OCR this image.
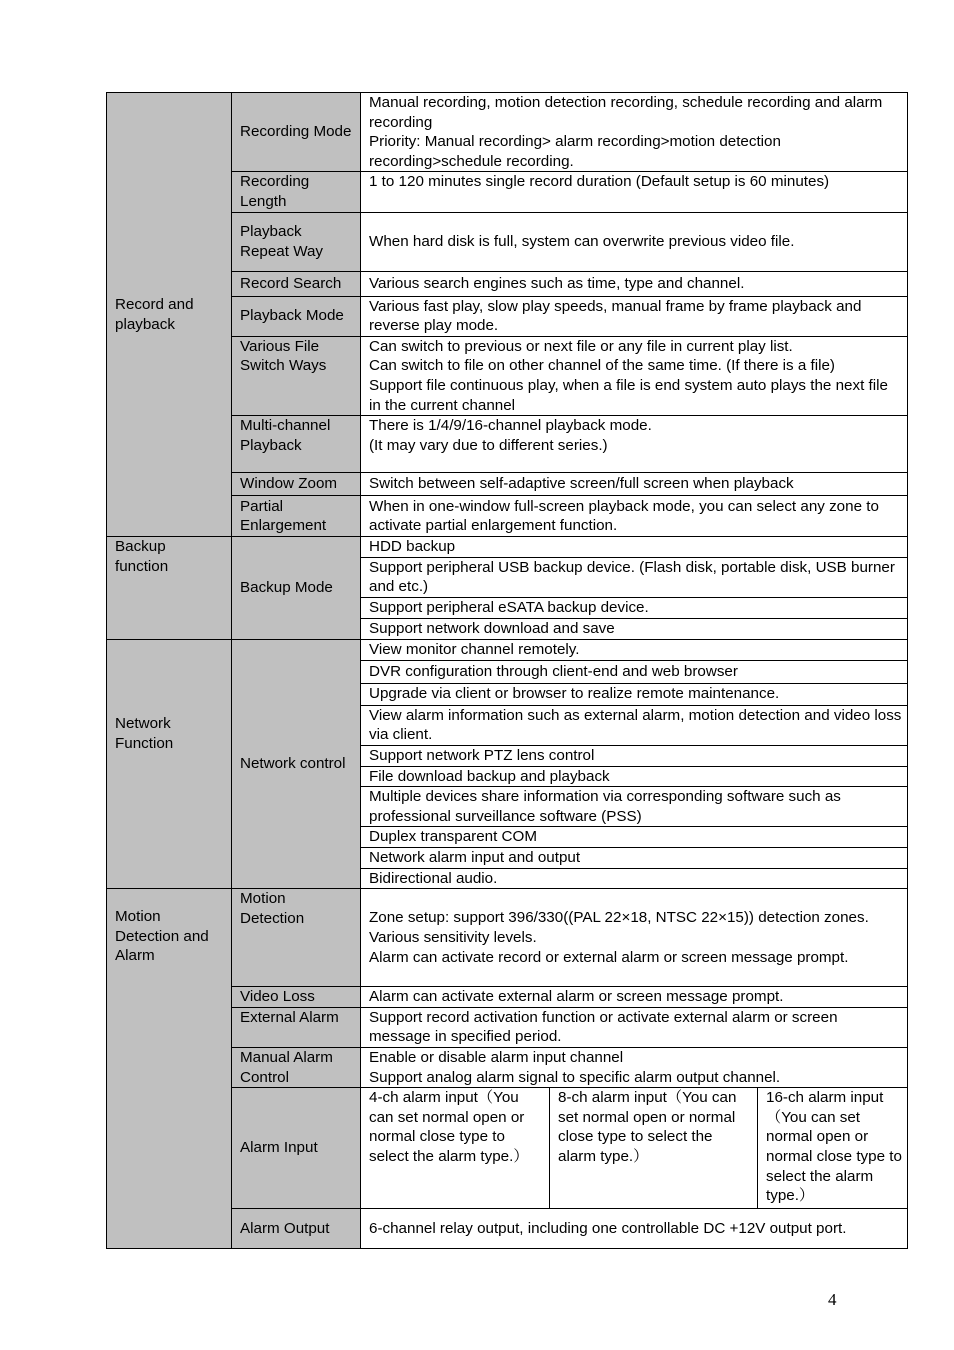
Record and playback	Recording Mode	Manual recording, motion detection recording, schedule recording and alarm recording
Priority: Manual recording> alarm recording>motion detection recording>schedule recording.		

	Recording Length	1 to 120 minutes single record duration (Default setup is 60 minutes)		

	Playback Repeat Way	When hard disk is full, system can overwrite previous video file.		

	Record Search	Various search engines such as time, type and channel.		

	Playback Mode	Various fast play, slow play speeds, manual frame by frame playback and reverse play mode.		

	Various File Switch Ways	Can switch to previous or next file or any file in current play list.
Can switch to file on other channel of the same time. (If there is a file)
Support file continuous play, when a file is end system auto plays the next file in the current channel		

	Multi-channel Playback	There is 1/4/9/16-channel playback mode.
(It may vary due to different series.)		

	Window Zoom	Switch between self-adaptive screen/full screen when playback		

	Partial Enlargement	When in one-window full-screen playback mode, you can select any zone to activate partial enlargement function.		

Backup function	Backup Mode	HDD backup		
		Support peripheral USB backup device. (Flash disk, portable disk, USB burner and etc.)		
		Support peripheral eSATA backup device.		
		Support network download and save		

Network Function	Network control	View monitor channel remotely.		
		DVR configuration through client-end and web browser		
		Upgrade via client or browser to realize remote maintenance.		
		View alarm information such as external alarm, motion detection and video loss via client.		
		Support network PTZ lens control		
		File download backup and playback		
		Multiple devices share information via corresponding software such as professional surveillance software (PSS)		
		Duplex transparent COM		
		Network alarm input and output		
		Bidirectional audio.		

Motion Detection and Alarm	Motion Detection	Zone setup: support 396/330((PAL 22×18, NTSC 22×15)) detection zones.
Various sensitivity levels.
Alarm can activate record or external alarm or screen message prompt.		

	Video Loss	Alarm can activate external alarm or screen message prompt.		

	External Alarm	Support record activation function or activate external alarm or screen message in specified period.		

	Manual Alarm Control	Enable or disable alarm input channel
Support analog alarm signal to specific alarm output channel.		

	Alarm Input	4-ch alarm input（You can set normal open or normal close type to select the alarm type.）	8-ch alarm input（You can set normal open or normal close type to select the alarm type.）	16-ch alarm input （You can set normal open or normal close type to select the alarm type.）
	Alarm Output	6-channel relay output, including one controllable DC +12V output port.		
4
